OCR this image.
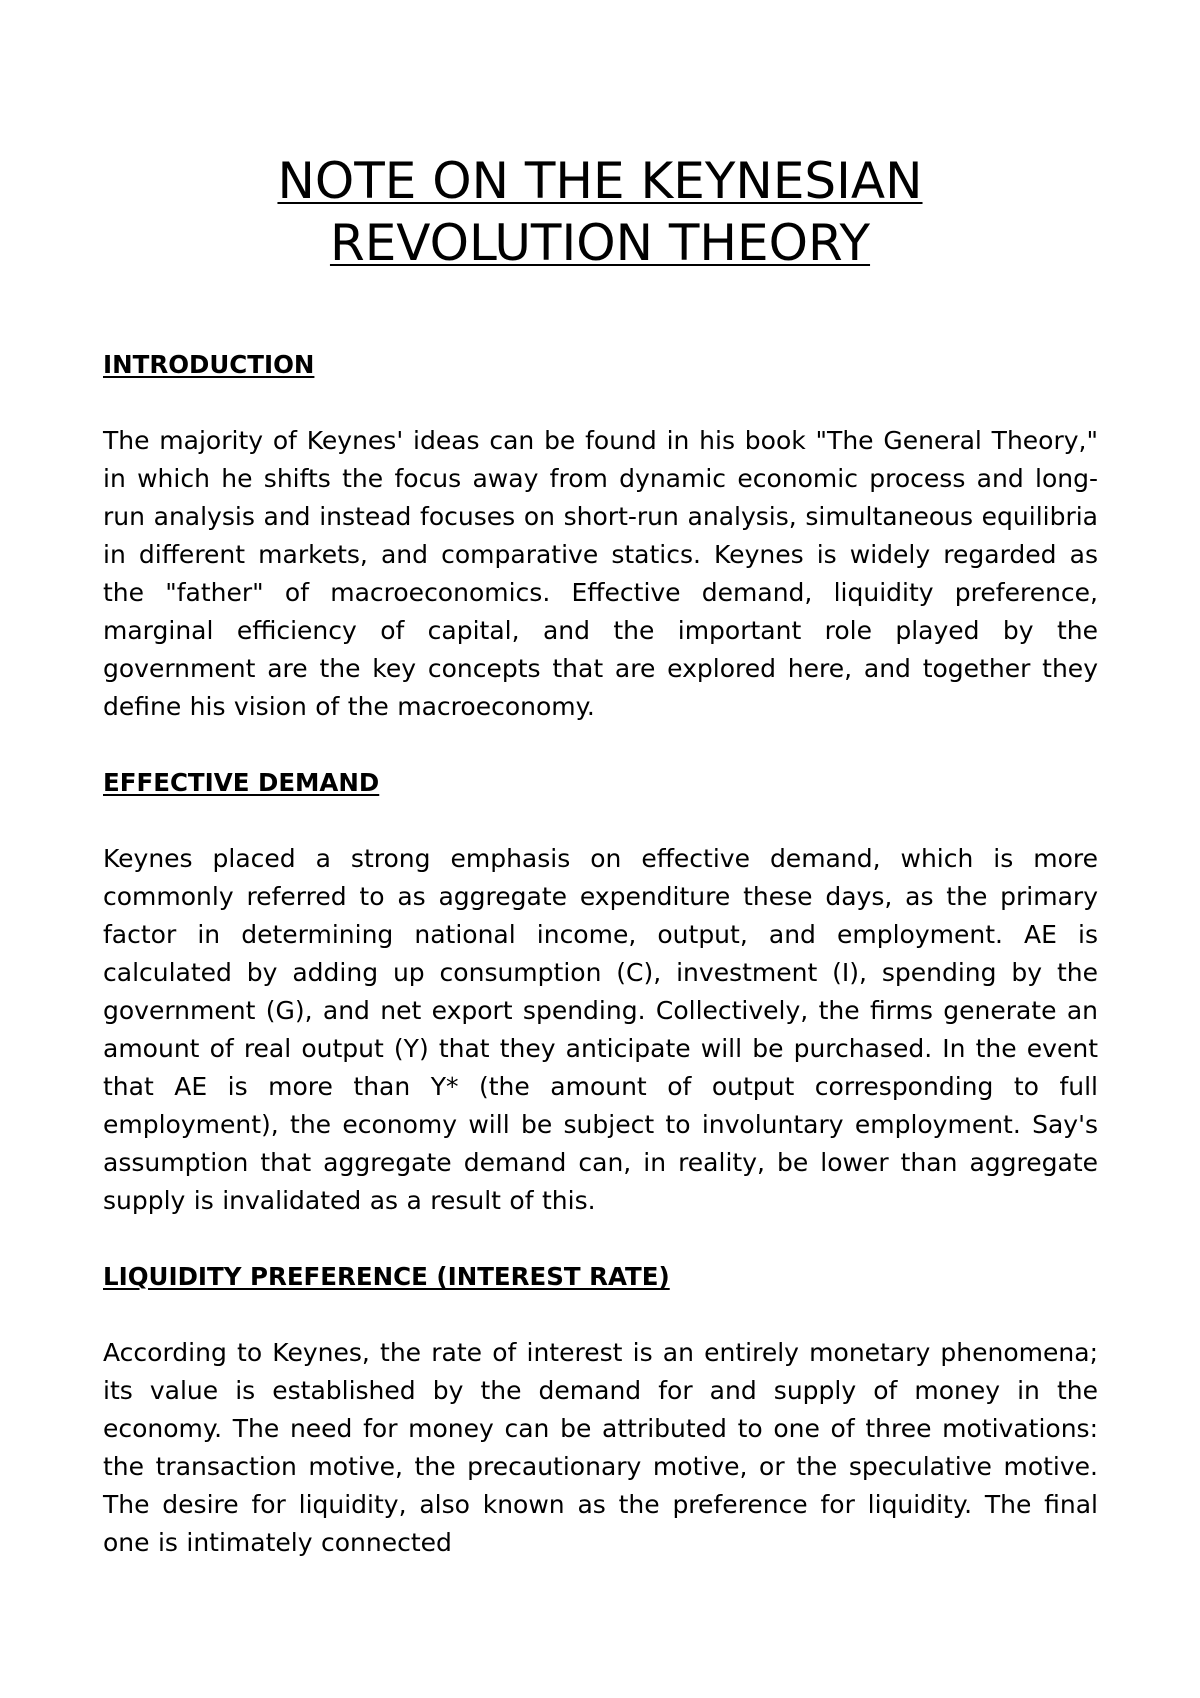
NOTE ON THE KEYNESIAN
REVOLUTION THEORY
INTRODUCTION

The majority of Keynes' ideas can be found in his book "The General Theory," in which he shifts the focus away from dynamic economic process and long-run analysis and instead focuses on short-run analysis, simultaneous equilibria in different markets, and comparative statics. Keynes is widely regarded as the "father" of macroeconomics. Effective demand, liquidity preference, marginal efficiency of capital, and the important role played by the government are the key concepts that are explored here, and together they define his vision of the macroeconomy.

EFFECTIVE DEMAND

Keynes placed a strong emphasis on effective demand, which is more commonly referred to as aggregate expenditure these days, as the primary factor in determining national income, output, and employment. AE is calculated by adding up consumption (C), investment (I), spending by the government (G), and net export spending. Collectively, the firms generate an amount of real output (Y) that they anticipate will be purchased. In the event that AE is more than Y* (the amount of output corresponding to full employment), the economy will be subject to involuntary employment. Say's assumption that aggregate demand can, in reality, be lower than aggregate supply is invalidated as a result of this.

LIQUIDITY PREFERENCE (INTEREST RATE)

According to Keynes, the rate of interest is an entirely monetary phenomena; its value is established by the demand for and supply of money in the economy. The need for money can be attributed to one of three motivations: the transaction motive, the precautionary motive, or the speculative motive. The desire for liquidity, also known as the preference for liquidity. The final one is intimately connected
